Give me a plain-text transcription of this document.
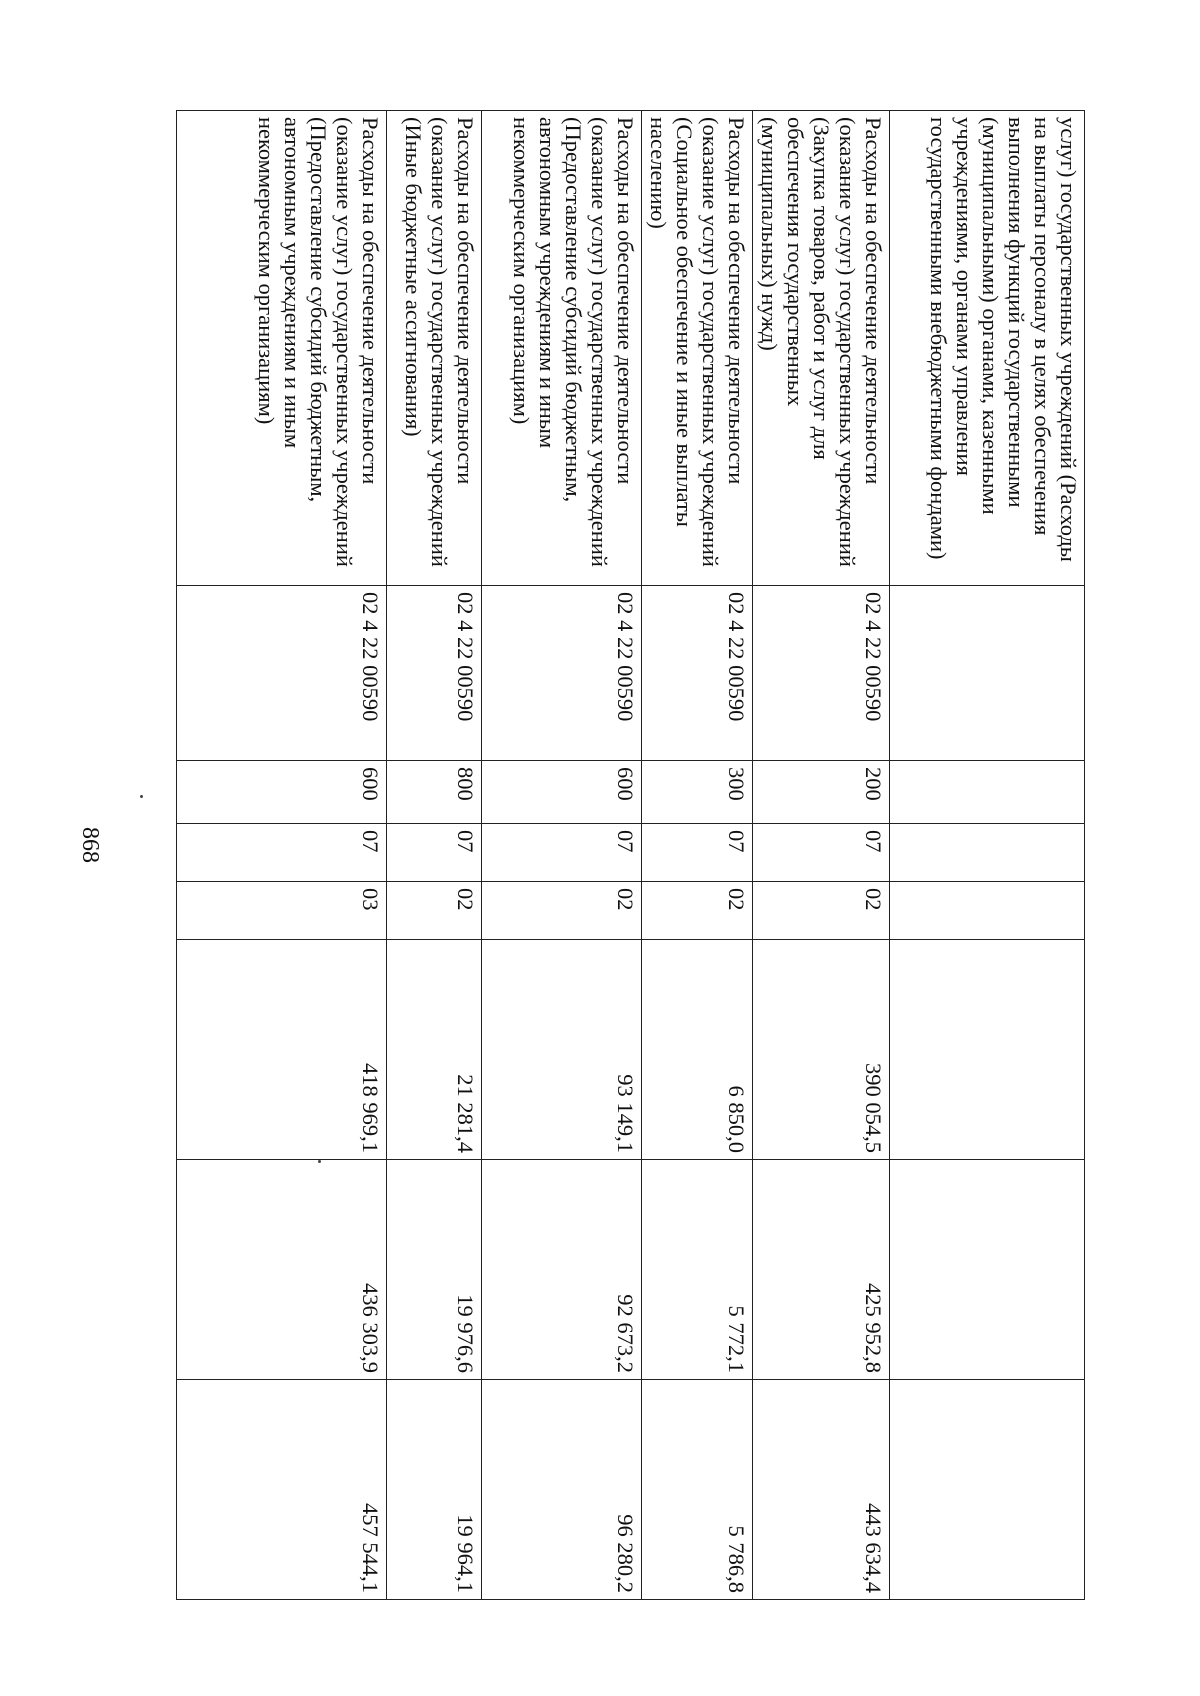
868
услуг) государственных учреждений (Расходы на выплаты персоналу в целях обеспечения выполнения функций государственными (муниципальными) органами, казенными учреждениями, органами управления государственными внебюджетными фондами)							
Расходы на обеспечение деятельности (оказание услуг) государственных учреждений (Закупка товаров, работ и услуг для обеспечения государственных (муниципальных) нужд)	02 4 22 00590	200	07	02	390 054,5	425 952,8	443 634,4
Расходы на обеспечение деятельности (оказание услуг) государственных учреждений (Социальное обеспечение и иные выплаты населению)	02 4 22 00590	300	07	02	6 850,0	5 772,1	5 786,8
Расходы на обеспечение деятельности (оказание услуг) государственных учреждений (Предоставление субсидий бюджетным, автономным учреждениям и иным некоммерческим организациям)	02 4 22 00590	600	07	02	93 149,1	92 673,2	96 280,2
Расходы на обеспечение деятельности (оказание услуг) государственных учреждений (Иные бюджетные ассигнования)	02 4 22 00590	800	07	02	21 281,4	19 976,6	19 964,1
Расходы на обеспечение деятельности (оказание услуг) государственных учреждений (Предоставление субсидий бюджетным, автономным учреждениям и иным некоммерческим организациям)	02 4 22 00590	600	07	03	418 969,1	436 303,9	457 544,1
